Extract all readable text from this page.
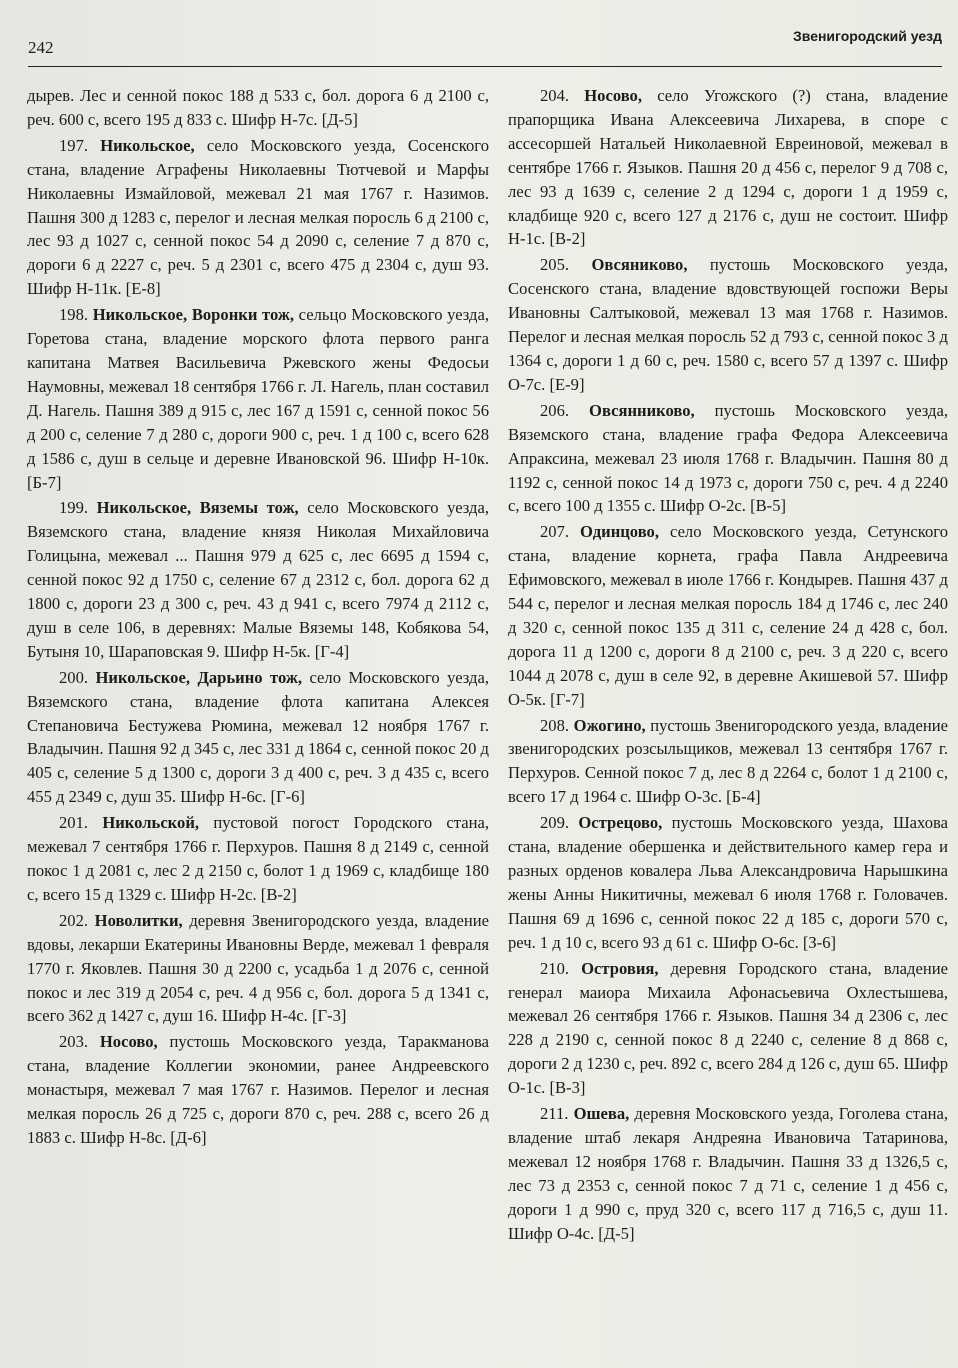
242
Звенигородский уезд

дырев. Лес и сенной покос 188 д 533 с, бол. дорога 6 д 2100 с, реч. 600 с, всего 195 д 833 с. Шифр Н-7с. [Д-5]

197. Никольское, село Московского уезда, Сосенского стана, владение Аграфены Николаевны Тютчевой и Марфы Николаевны Измайловой, межевал 21 мая 1767 г. Назимов. Пашня 300 д 1283 с, перелог и лесная мелкая поросль 6 д 2100 с, лес 93 д 1027 с, сенной покос 54 д 2090 с, селение 7 д 870 с, дороги 6 д 2227 с, реч. 5 д 2301 с, всего 475 д 2304 с, душ 93. Шифр Н-11к. [Е-8]

198. Никольское, Воронки тож, сельцо Московского уезда, Горетова стана, владение морского флота первого ранга капитана Матвея Васильевича Ржевского жены Федосьи Наумовны, межевал 18 сентября 1766 г. Л. Нагель, план составил Д. Нагель. Пашня 389 д 915 с, лес 167 д 1591 с, сенной покос 56 д 200 с, селение 7 д 280 с, дороги 900 с, реч. 1 д 100 с, всего 628 д 1586 с, душ в сельце и деревне Ивановской 96. Шифр Н-10к. [Б-7]

199. Никольское, Вяземы тож, село Московского уезда, Вяземского стана, владение князя Николая Михайловича Голицына, межевал ... Пашня 979 д 625 с, лес 6695 д 1594 с, сенной покос 92 д 1750 с, селение 67 д 2312 с, бол. дорога 62 д 1800 с, дороги 23 д 300 с, реч. 43 д 941 с, всего 7974 д 2112 с, душ в селе 106, в деревнях: Малые Вяземы 148, Кобякова 54, Бутыня 10, Шараповская 9. Шифр Н-5к. [Г-4]

200. Никольское, Дарьино тож, село Московского уезда, Вяземского стана, владение флота капитана Алексея Степановича Бестужева Рюмина, межевал 12 ноября 1767 г. Владычин. Пашня 92 д 345 с, лес 331 д 1864 с, сенной покос 20 д 405 с, селение 5 д 1300 с, дороги 3 д 400 с, реч. 3 д 435 с, всего 455 д 2349 с, душ 35. Шифр Н-6с. [Г-6]

201. Никольской, пустовой погост Городского стана, межевал 7 сентября 1766 г. Перхуров. Пашня 8 д 2149 с, сенной покос 1 д 2081 с, лес 2 д 2150 с, болот 1 д 1969 с, кладбище 180 с, всего 15 д 1329 с. Шифр Н-2с. [В-2]

202. Новолитки, деревня Звенигородского уезда, владение вдовы, лекарши Екатерины Ивановны Верде, межевал 1 февраля 1770 г. Яковлев. Пашня 30 д 2200 с, усадьба 1 д 2076 с, сенной покос и лес 319 д 2054 с, реч. 4 д 956 с, бол. дорога 5 д 1341 с, всего 362 д 1427 с, душ 16. Шифр Н-4с. [Г-3]

203. Носово, пустошь Московского уезда, Таракманова стана, владение Коллегии экономии, ранее Андреевского монастыря, межевал 7 мая 1767 г. Назимов. Перелог и лесная мелкая поросль 26 д 725 с, дороги 870 с, реч. 288 с, всего 26 д 1883 с. Шифр Н-8с. [Д-6]

204. Носово, село Угожского (?) стана, владение прапорщика Ивана Алексеевича Лихарева, в споре с ассесоршей Натальей Николаевной Евреиновой, межевал в сентябре 1766 г. Языков. Пашня 20 д 456 с, перелог 9 д 708 с, лес 93 д 1639 с, селение 2 д 1294 с, дороги 1 д 1959 с, кладбище 920 с, всего 127 д 2176 с, душ не состоит. Шифр Н-1с. [В-2]

205. Овсяниково, пустошь Московского уезда, Сосенского стана, владение вдовствующей госпожи Веры Ивановны Салтыковой, межевал 13 мая 1768 г. Назимов. Перелог и лесная мелкая поросль 52 д 793 с, сенной покос 3 д 1364 с, дороги 1 д 60 с, реч. 1580 с, всего 57 д 1397 с. Шифр О-7с. [Е-9]

206. Овсянниково, пустошь Московского уезда, Вяземского стана, владение графа Федора Алексеевича Апраксина, межевал 23 июля 1768 г. Владычин. Пашня 80 д 1192 с, сенной покос 14 д 1973 с, дороги 750 с, реч. 4 д 2240 с, всего 100 д 1355 с. Шифр О-2с. [В-5]

207. Одинцово, село Московского уезда, Сетунского стана, владение корнета, графа Павла Андреевича Ефимовского, межевал в июле 1766 г. Кондырев. Пашня 437 д 544 с, перелог и лесная мелкая поросль 184 д 1746 с, лес 240 д 320 с, сенной покос 135 д 311 с, селение 24 д 428 с, бол. дорога 11 д 1200 с, дороги 8 д 2100 с, реч. 3 д 220 с, всего 1044 д 2078 с, душ в селе 92, в деревне Акишевой 57. Шифр О-5к. [Г-7]

208. Ожогино, пустошь Звенигородского уезда, владение звенигородских розсыльщиков, межевал 13 сентября 1767 г. Перхуров. Сенной покос 7 д, лес 8 д 2264 с, болот 1 д 2100 с, всего 17 д 1964 с. Шифр О-3с. [Б-4]

209. Острецово, пустошь Московского уезда, Шахова стана, владение обершенка и действительного камер гера и разных орденов ковалера Льва Александровича Нарышкина жены Анны Никитичны, межевал 6 июля 1768 г. Головачев. Пашня 69 д 1696 с, сенной покос 22 д 185 с, дороги 570 с, реч. 1 д 10 с, всего 93 д 61 с. Шифр О-6с. [З-6]

210. Островия, деревня Городского стана, владение генерал маиора Михаила Афонасьевича Охлестышева, межевал 26 сентября 1766 г. Языков. Пашня 34 д 2306 с, лес 228 д 2190 с, сенной покос 8 д 2240 с, селение 8 д 868 с, дороги 2 д 1230 с, реч. 892 с, всего 284 д 126 с, душ 65. Шифр О-1с. [В-3]

211. Ошева, деревня Московского уезда, Гоголева стана, владение штаб лекаря Андреяна Ивановича Татаринова, межевал 12 ноября 1768 г. Владычин. Пашня 33 д 1326,5 с, лес 73 д 2353 с, сенной покос 7 д 71 с, селение 1 д 456 с, дороги 1 д 990 с, пруд 320 с, всего 117 д 716,5 с, душ 11. Шифр О-4с. [Д-5]
